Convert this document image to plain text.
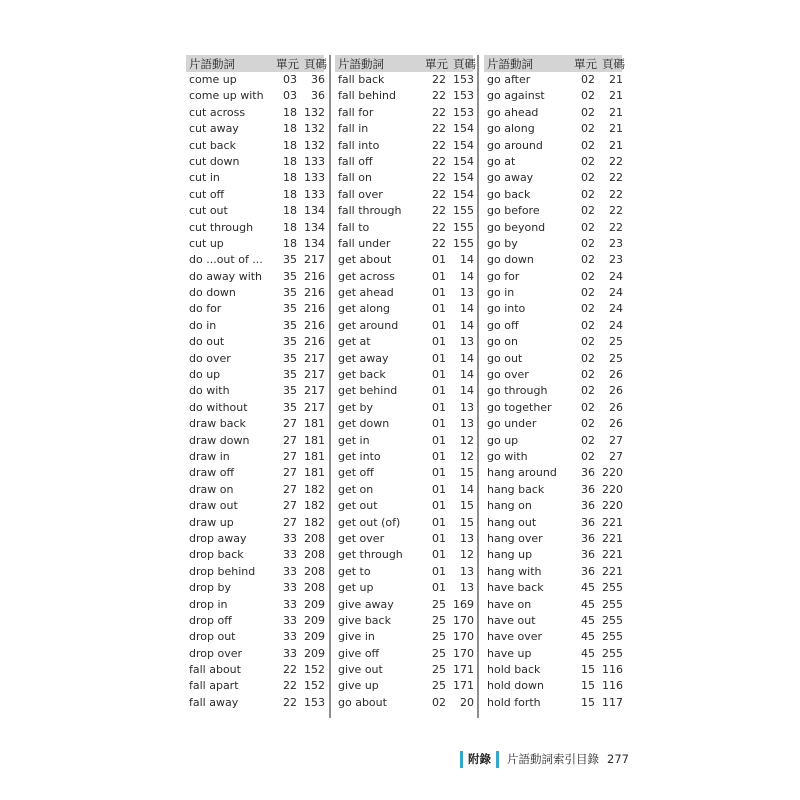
片語動詞	單元 頁碼
come up	03	36
come up with	03	36
cut across	18 132
cut away	18 132
cut back	18 132
cut down	18 133
cut in	18 133
cut off	18 133
cut out	18 134
cut through	18 134
cut up	18 134
do ...out of ...	35 217
do away with	35 216
do down	35 216
do for	35 216
do in	35 216
do out	35 216
do over	35 217
do up	35 217
do with	35 217
do without	35 217
draw back	27 181
draw down	27 181
draw in	27 181
draw off	27 181
draw on	27 182
draw out	27 182
draw up	27 182
drop away	33 208
drop back	33 208
drop behind	33 208
drop by	33 208
drop in	33 209
drop off	33 209
drop out	33 209
drop over	33 209
fall about	22 152
fall apart	22 152
fall away	22 153
片語動詞	單元 頁碼
fall back	22 153
fall behind	22 153
fall for	22 153
fall in	22 154
fall into	22 154
fall off	22 154
fall on	22 154
fall over	22 154
fall through	22 155
fall to	22 155
fall under	22 155
get about	01	14
get across	01	14
get ahead	01	13
get along	01	14
get around	01	14
get at	01	13
get away	01	14
get back	01	14
get behind	01	14
get by	01	13
get down	01	13
get in	01	12
get into	01	12
get off	01	15
get on	01	14
get out	01	15
get out (of)	01	15
get over	01	13
get through	01	12
get to	01	13
get up	01	13
give away	25 169
give back	25 170
give in	25 170
give off	25 170
give out	25 171
give up	25 171
go about	02	20
片語動詞	單元 頁碼
go after	02	21
go against	02	21
go ahead	02	21
go along	02	21
go around	02	21
go at	02	22
go away	02	22
go back	02	22
go before	02	22
go beyond	02	22
go by	02	23
go down	02	23
go for	02	24
go in	02	24
go into	02	24
go off	02	24
go on	02	25
go out	02	25
go over	02	26
go through	02	26
go together	02	26
go under	02	26
go up	02	27
go with	02	27
hang around	36 220
hang back	36 220
hang on	36 220
hang out	36 221
hang over	36 221
hang up	36 221
hang with	36 221
have back	45 255
have on	45 255
have out	45 255
have over	45 255
have up	45 255
hold back	15 116
hold down	15 116
hold forth	15 117
附錄	片語動詞索引目錄 277
